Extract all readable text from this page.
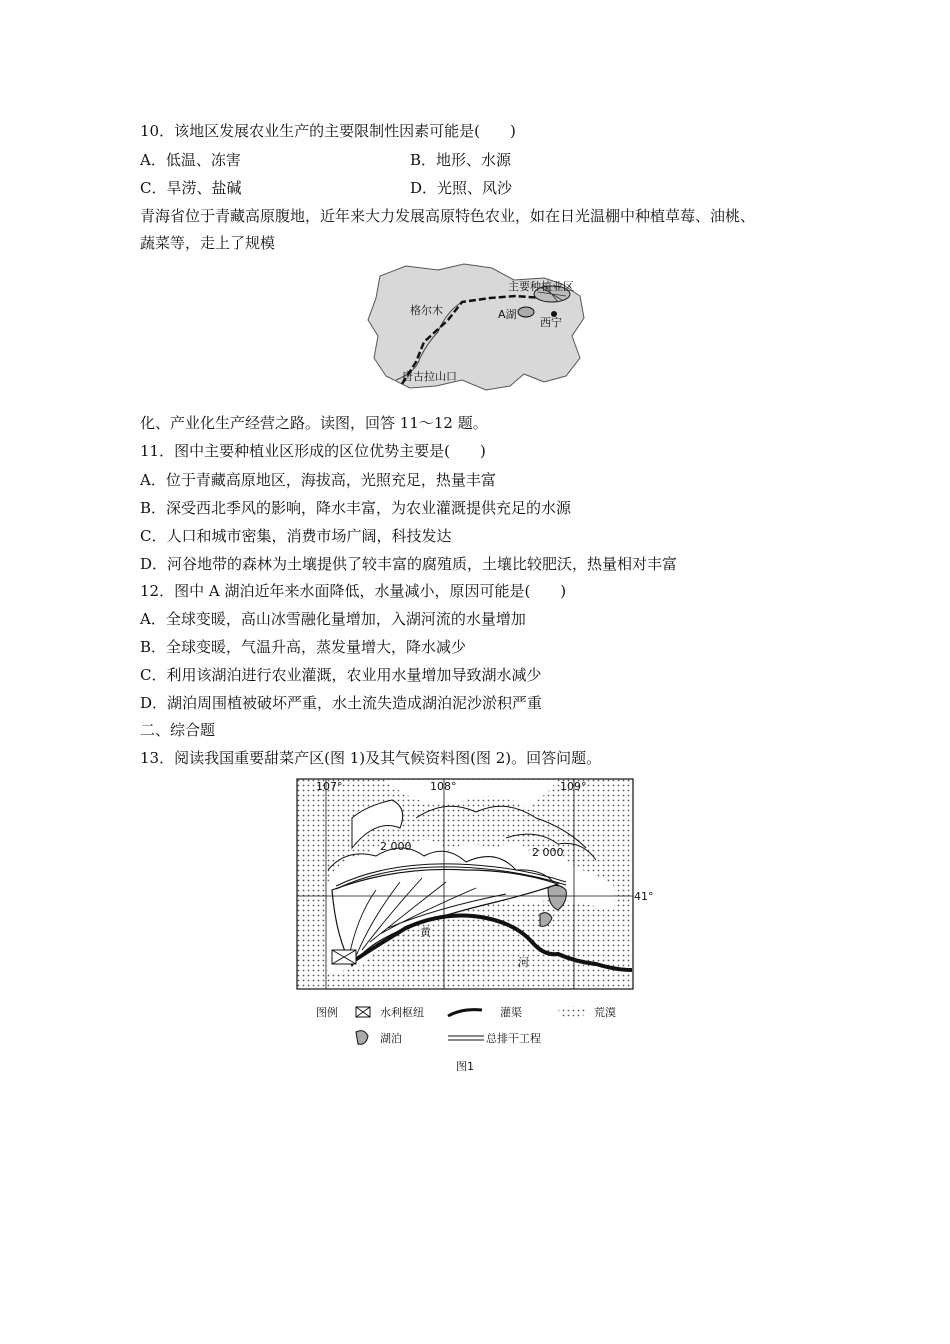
10．该地区发展农业生产的主要限制性因素可能是(　　)
A．低温、冻害	B．地形、水源
C．旱涝、盐碱	D．光照、风沙
青海省位于青藏高原腹地，近年来大力发展高原特色农业，如在日光温棚中种植草莓、油桃、
蔬菜等，走上了规模
主要种植业区
格尔木	A湖
西宁
唐古拉山口
化、产业化生产经营之路。读图，回答 11～12 题。
11．图中主要种植业区形成的区位优势主要是(　　)
A．位于青藏高原地区，海拔高，光照充足，热量丰富
B．深受西北季风的影响，降水丰富，为农业灌溉提供充足的水源
C．人口和城市密集，消费市场广阔，科技发达
D．河谷地带的森林为土壤提供了较丰富的腐殖质，土壤比较肥沃，热量相对丰富
12．图中 A 湖泊近年来水面降低，水量减小，原因可能是(　　)
A．全球变暖，高山冰雪融化量增加，入湖河流的水量增加
B．全球变暖，气温升高，蒸发量增大，降水减少
C．利用该湖泊进行农业灌溉，农业用水量增加导致湖水减少
D．湖泊周围植被破坏严重，水土流失造成湖泊泥沙淤积严重
二、综合题
13．阅读我国重要甜菜产区(图 1)及其气候资料图(图 2)。回答问题。
107°	108°	109°
41°
2 000	2 000
黄
河
图例	水利枢纽	灌渠	荒漠
湖泊	总排干工程
图1
